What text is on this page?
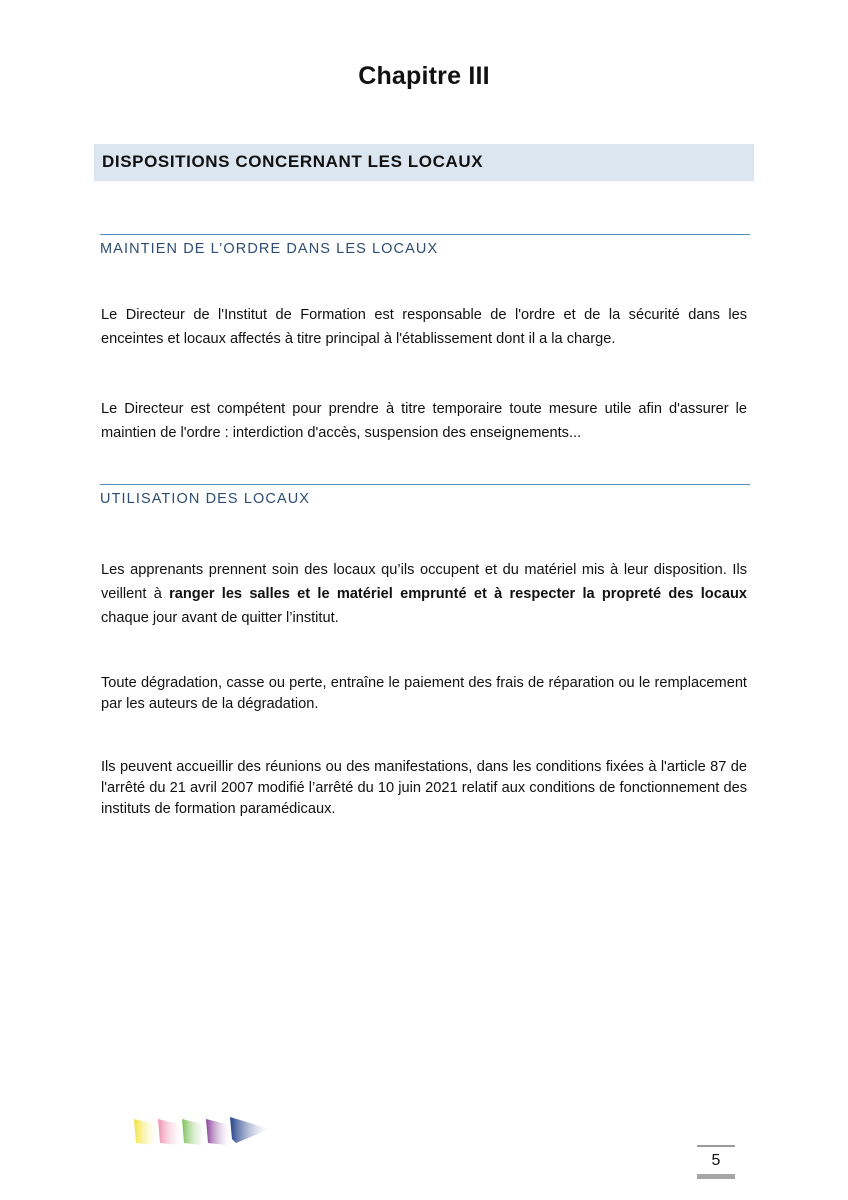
Chapitre III
DISPOSITIONS CONCERNANT LES LOCAUX
MAINTIEN DE L’ORDRE DANS LES LOCAUX
Le Directeur de l'Institut de Formation est responsable de l'ordre et de la sécurité dans les enceintes et locaux affectés à titre principal à l'établissement dont il a la charge.
Le Directeur est compétent pour prendre à titre temporaire toute mesure utile afin d'assurer le maintien de l'ordre : interdiction d'accès, suspension des enseignements...
UTILISATION DES LOCAUX
Les apprenants prennent soin des locaux qu’ils occupent et du matériel mis à leur disposition. Ils veillent à ranger les salles et le matériel emprunté et à respecter la propreté des locaux chaque jour avant de quitter l’institut.
Toute dégradation, casse ou perte, entraîne le paiement des frais de réparation ou le remplacement par les auteurs de la dégradation.
Ils peuvent accueillir des réunions ou des manifestations, dans les conditions fixées à l'article 87 de l'arrêté du 21 avril 2007 modifié l’arrêté du 10 juin 2021 relatif aux conditions de fonctionnement des instituts de formation paramédicaux.
5
